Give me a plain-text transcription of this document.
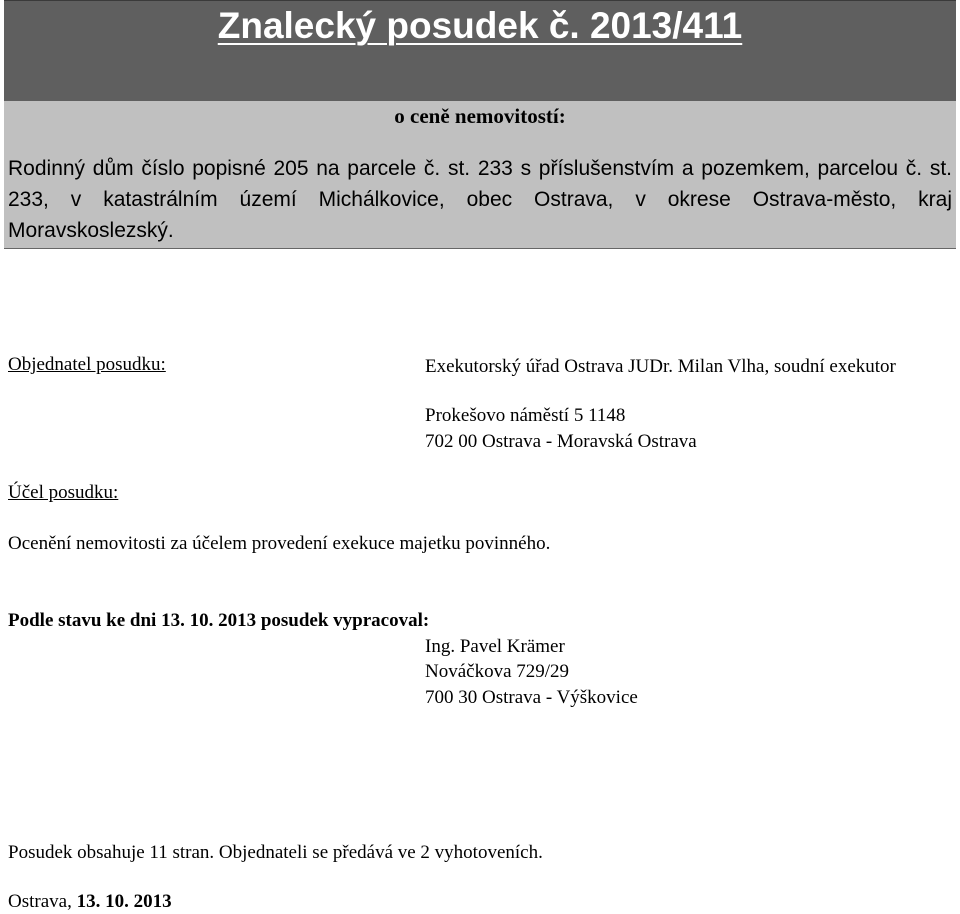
Znalecký posudek č. 2013/411
o ceně nemovitostí:
Rodinný dům číslo popisné 205 na parcele č. st. 233 s příslušenstvím a pozemkem, parcelou č. st. 233, v katastrálním území Michálkovice, obec Ostrava, v okrese Ostrava-město, kraj Moravskoslezský.
Objednatel posudku:	Exekutorský úřad Ostrava JUDr. Milan Vlha, soudní exekutor
Prokešovo náměstí 5 1148
702 00 Ostrava - Moravská Ostrava
Účel posudku:
Ocenění nemovitosti za účelem provedení exekuce majetku povinného.
Podle stavu ke dni 13. 10. 2013 posudek vypracoval:
Ing. Pavel Krämer
Nováčkova 729/29
700 30 Ostrava - Výškovice
Posudek obsahuje 11 stran. Objednateli se předává ve 2 vyhotoveních.
Ostrava, 13. 10. 2013
